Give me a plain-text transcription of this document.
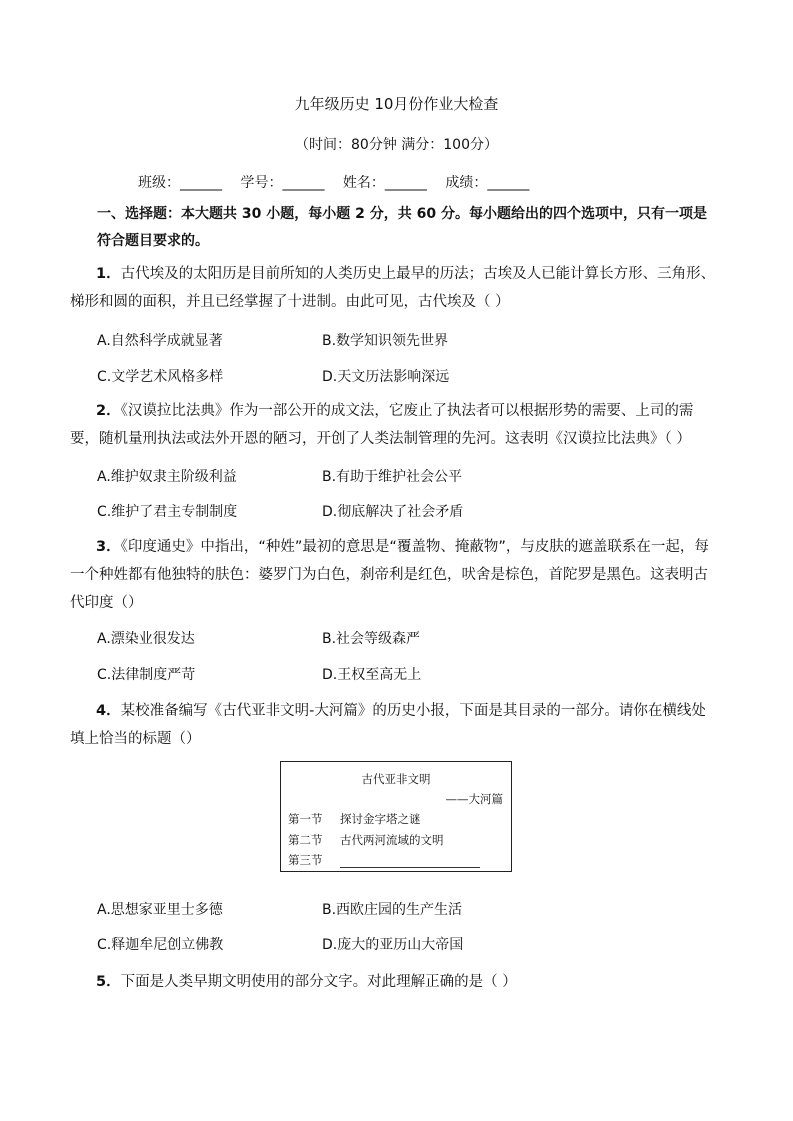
九年级历史 10月份作业大检查
（时间：80分钟 满分：100分）
班级：______ 学号：______ 姓名：______ 成绩：______
一、选择题：本大题共 30 小题，每小题 2 分，共 60 分。每小题给出的四个选项中，只有一项是符合题目要求的。
1．古代埃及的太阳历是目前所知的人类历史上最早的历法；古埃及人已能计算长方形、三角形、梯形和圆的面积，并且已经掌握了十进制。由此可见，古代埃及（ ）
A.自然科学成就显著	B.数学知识领先世界
C.文学艺术风格多样	D.天文历法影响深远
2．《汉谟拉比法典》作为一部公开的成文法，它废止了执法者可以根据形势的需要、上司的需要，随机量刑执法或法外开恩的陋习，开创了人类法制管理的先河。这表明《汉谟拉比法典》（ ）
A.维护奴隶主阶级利益	B.有助于维护社会公平
C.维护了君主专制制度	D.彻底解决了社会矛盾
3．《印度通史》中指出，“种姓”最初的意思是“覆盖物、掩蔽物”，与皮肤的遮盖联系在一起，每一个种姓都有他独特的肤色：婆罗门为白色，刹帝利是红色，吠舍是棕色，首陀罗是黑色。这表明古代印度（）
A.漂染业很发达	B.社会等级森严
C.法律制度严苛	D.王权至高无上
4．某校准备编写《古代亚非文明-大河篇》的历史小报，下面是其目录的一部分。请你在横线处填上恰当的标题（）
古代亚非文明
——大河篇
第一节 探讨金字塔之谜
第二节 古代两河流域的文明
第三节
A.思想家亚里士多德	B.西欧庄园的生产生活
C.释迦牟尼创立佛教	D.庞大的亚历山大帝国
5．下面是人类早期文明使用的部分文字。对此理解正确的是（ ）
